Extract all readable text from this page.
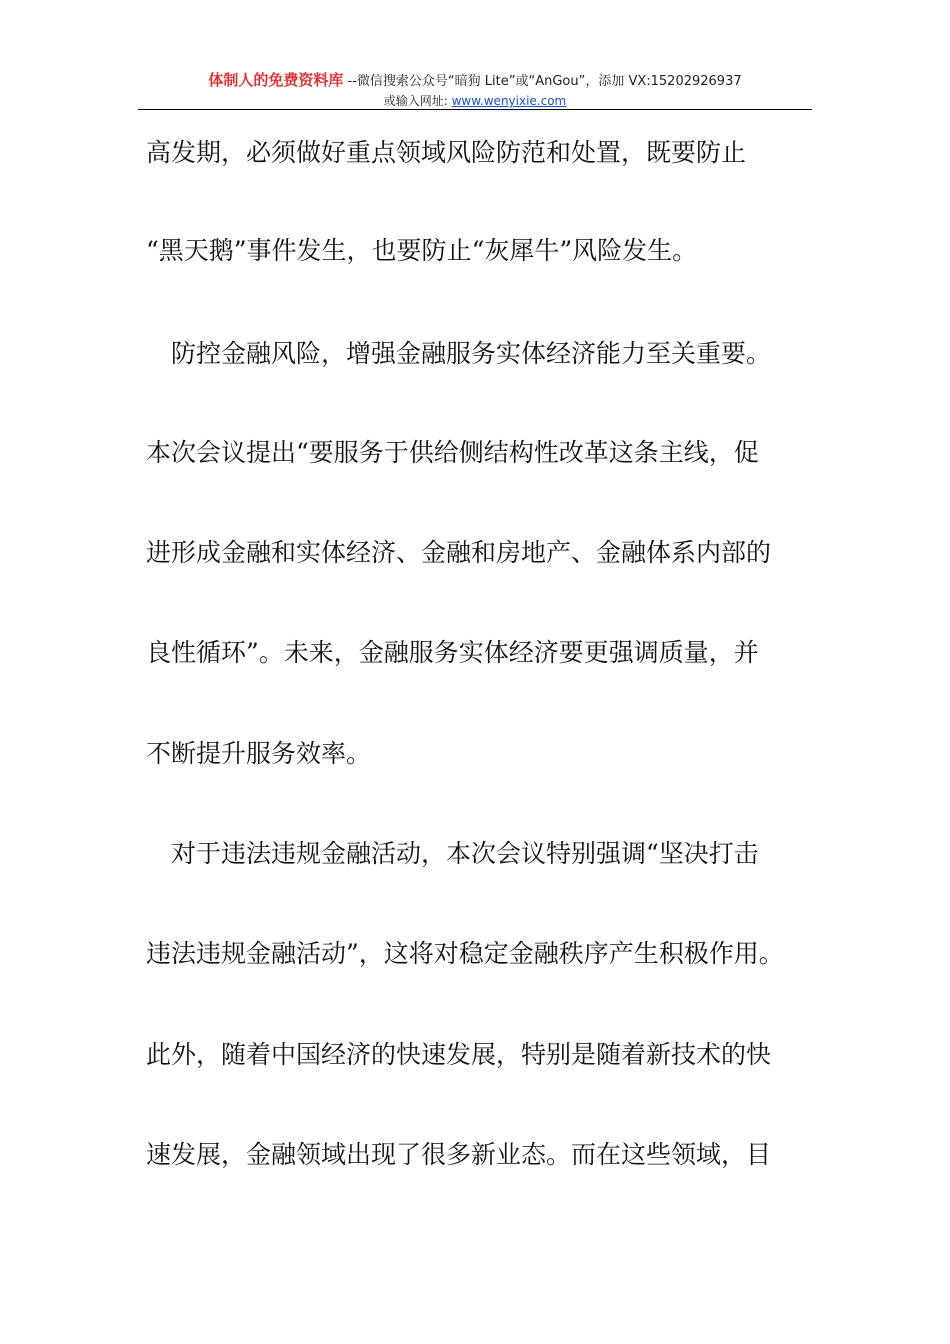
体制人的免费资料库 --微信搜索公众号“暗狗 Lite”或“AnGou”，添加 VX:15202926937
或输入网址: www.wenyixie.com
高发期，必须做好重点领域风险防范和处置，既要防止
“黑天鹅”事件发生，也要防止“灰犀牛”风险发生。
　防控金融风险，增强金融服务实体经济能力至关重要。
本次会议提出“要服务于供给侧结构性改革这条主线，促
进形成金融和实体经济、金融和房地产、金融体系内部的
良性循环”。未来，金融服务实体经济要更强调质量，并
不断提升服务效率。
　对于违法违规金融活动，本次会议特别强调“坚决打击
违法违规金融活动”，这将对稳定金融秩序产生积极作用。
此外，随着中国经济的快速发展，特别是随着新技术的快
速发展，金融领域出现了很多新业态。而在这些领域，目
